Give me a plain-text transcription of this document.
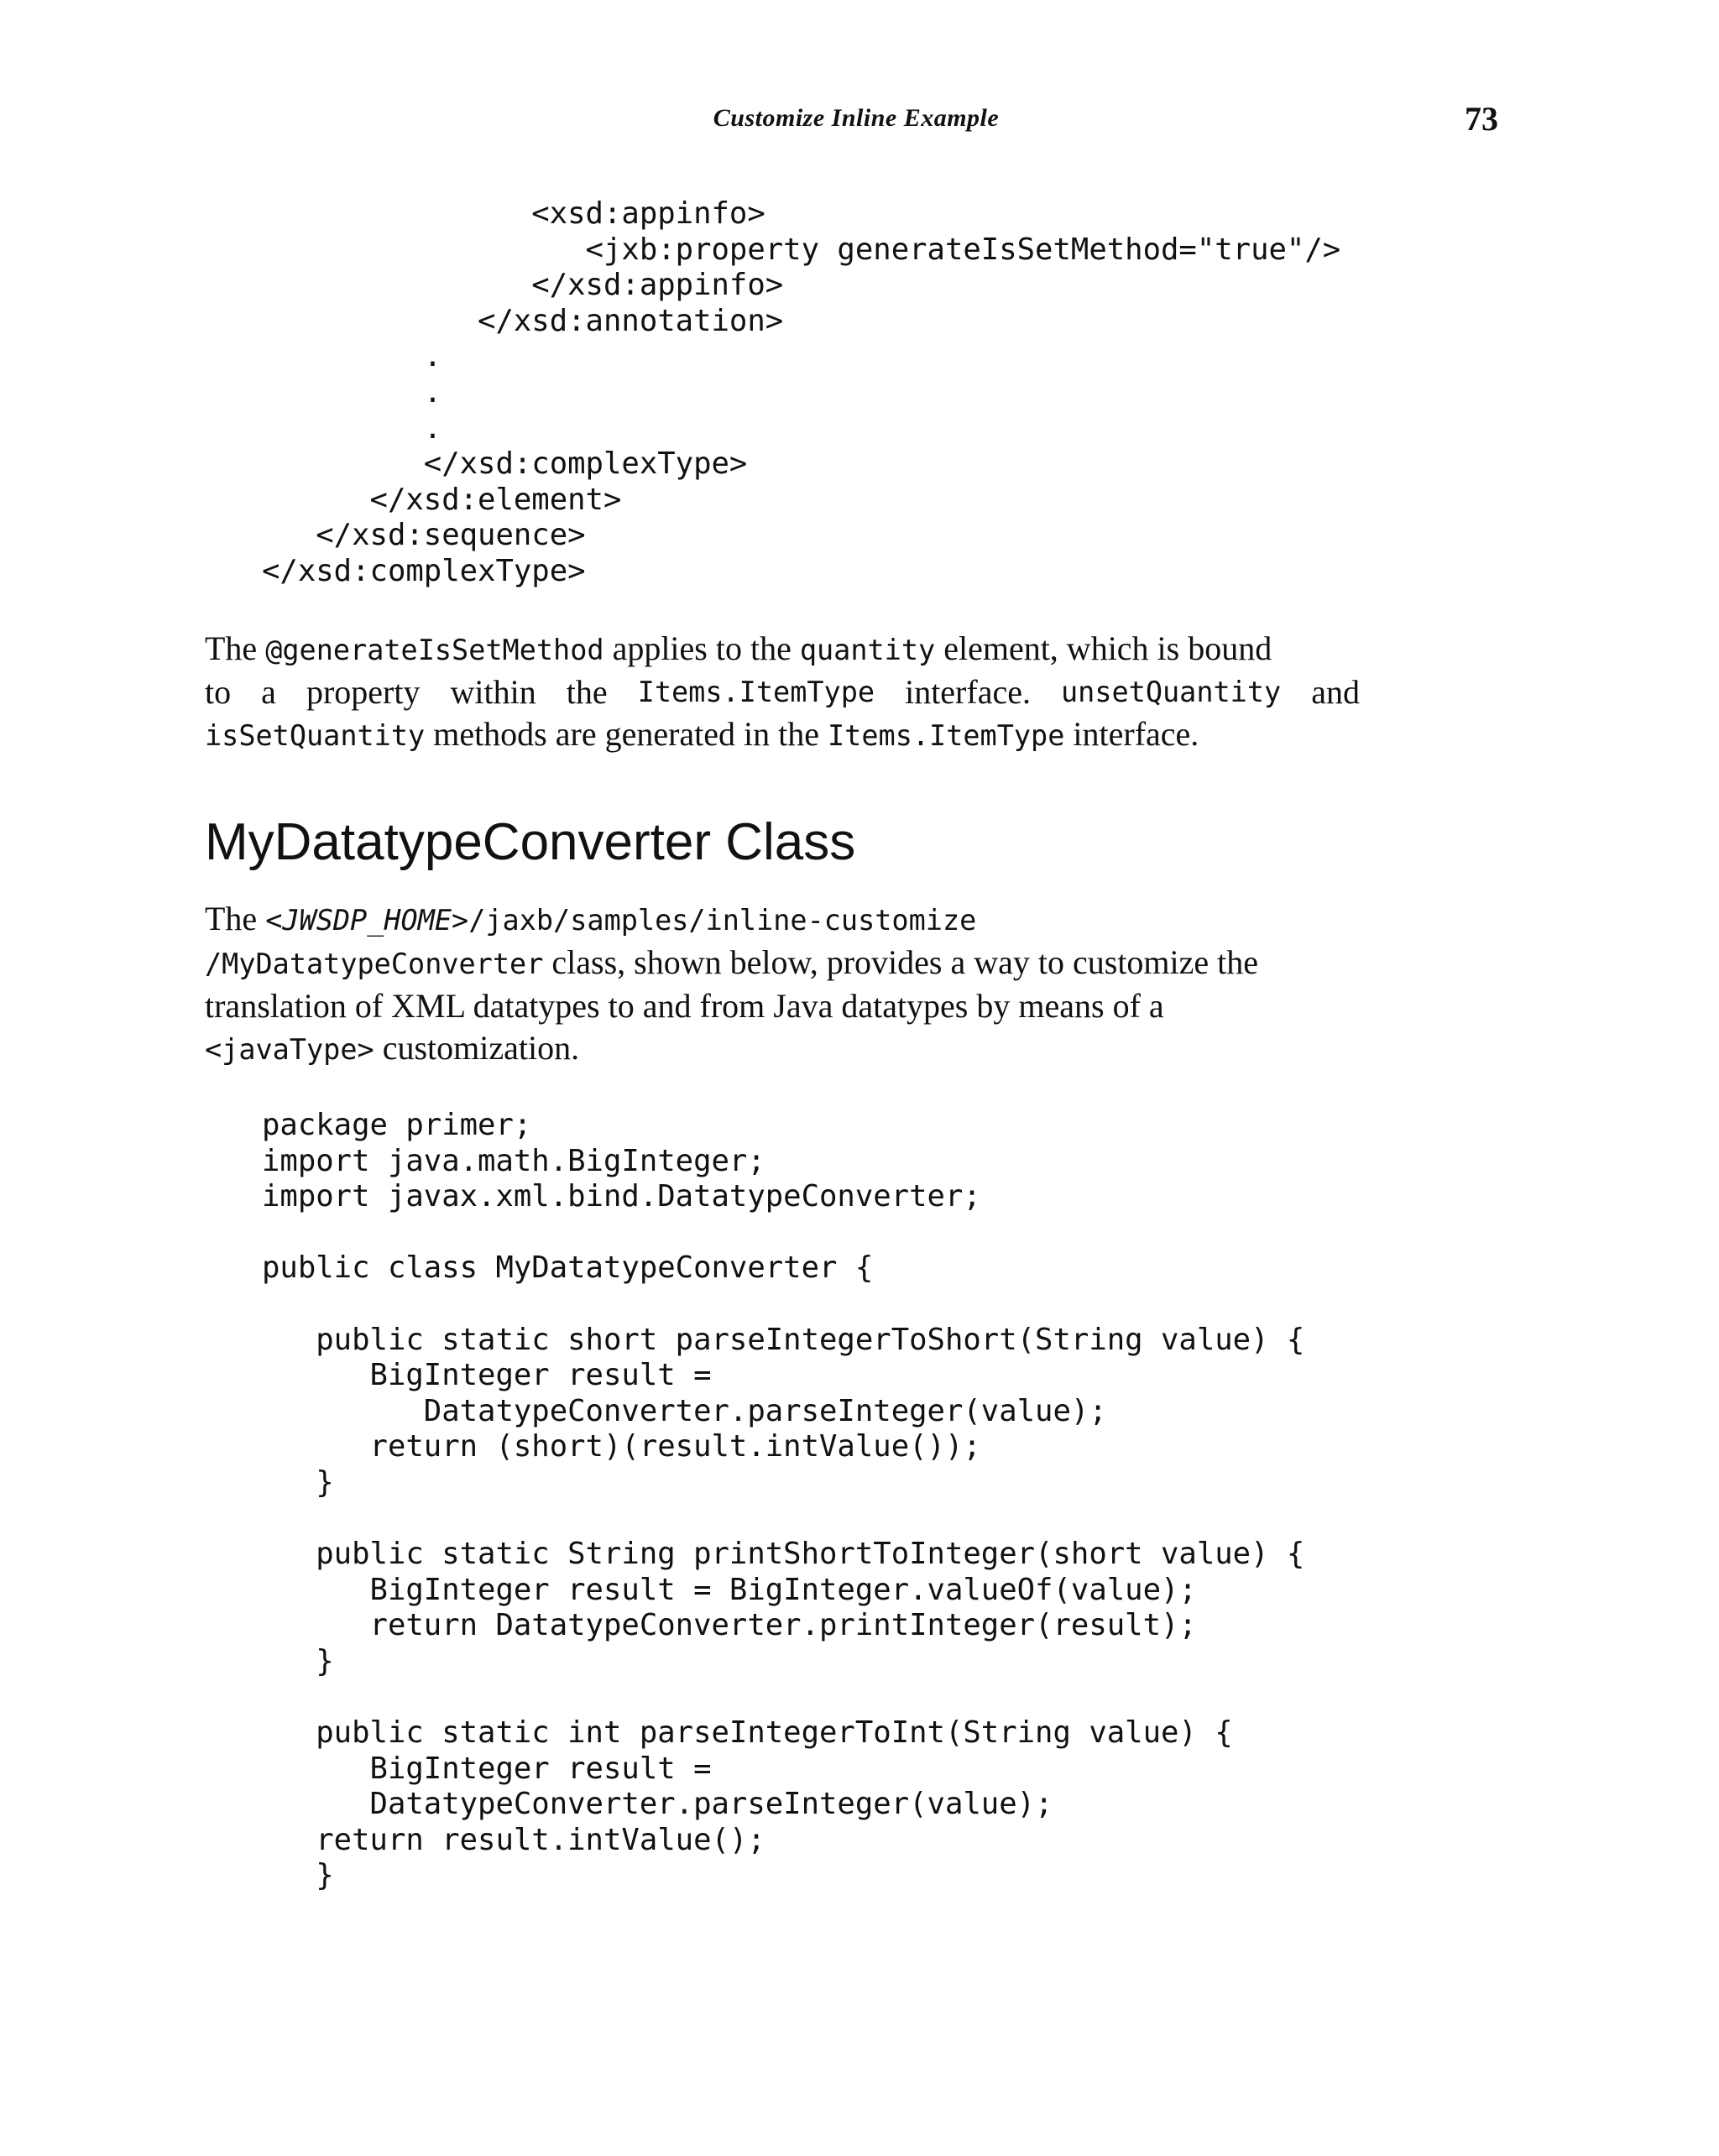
Customize Inline Example	73
<xsd:appinfo>
<jxb:property generateIsSetMethod="true"/>
</xsd:appinfo>
</xsd:annotation>
.
.
.
</xsd:complexType>
</xsd:element>
</xsd:sequence>
</xsd:complexType>
The @generateIsSetMethod applies to the quantity element, which is bound
to a property within the Items.ItemType interface. unsetQuantity and
isSetQuantity methods are generated in the Items.ItemType interface.
MyDatatypeConverter Class
The <JWSDP_HOME>/jaxb/samples/inline-customize
/MyDatatypeConverter class, shown below, provides a way to customize the
translation of XML datatypes to and from Java datatypes by means of a
<javaType> customization.
package primer;
import java.math.BigInteger;
import javax.xml.bind.DatatypeConverter;

public class MyDatatypeConverter {

public static short parseIntegerToShort(String value) {
BigInteger result =
DatatypeConverter.parseInteger(value);
return (short)(result.intValue());
}

public static String printShortToInteger(short value) {
BigInteger result = BigInteger.valueOf(value);
return DatatypeConverter.printInteger(result);
}

public static int parseIntegerToInt(String value) {
BigInteger result =
DatatypeConverter.parseInteger(value);
return result.intValue();
}
